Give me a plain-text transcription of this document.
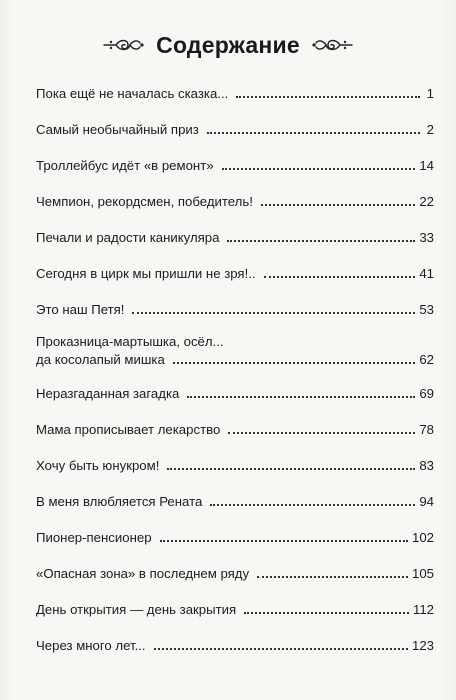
Содержание
Пока ещё не началась сказка...	1
Самый необычайный приз	2
Троллейбус идёт «в ремонт»	14
Чемпион, рекордсмен, победитель!	22
Печали и радости каникуляра	33
Сегодня в цирк мы пришли не зря!..	41
Это наш Петя!	53
Проказница-мартышка, осёл...
да косолапый мишка	62
Неразгаданная загадка	69
Мама прописывает лекарство	78
Хочу быть юнукром!	83
В меня влюбляется Рената	94
Пионер-пенсионер	102
«Опасная зона» в последнем ряду	105
День открытия — день закрытия	112
Через много лет...	123
